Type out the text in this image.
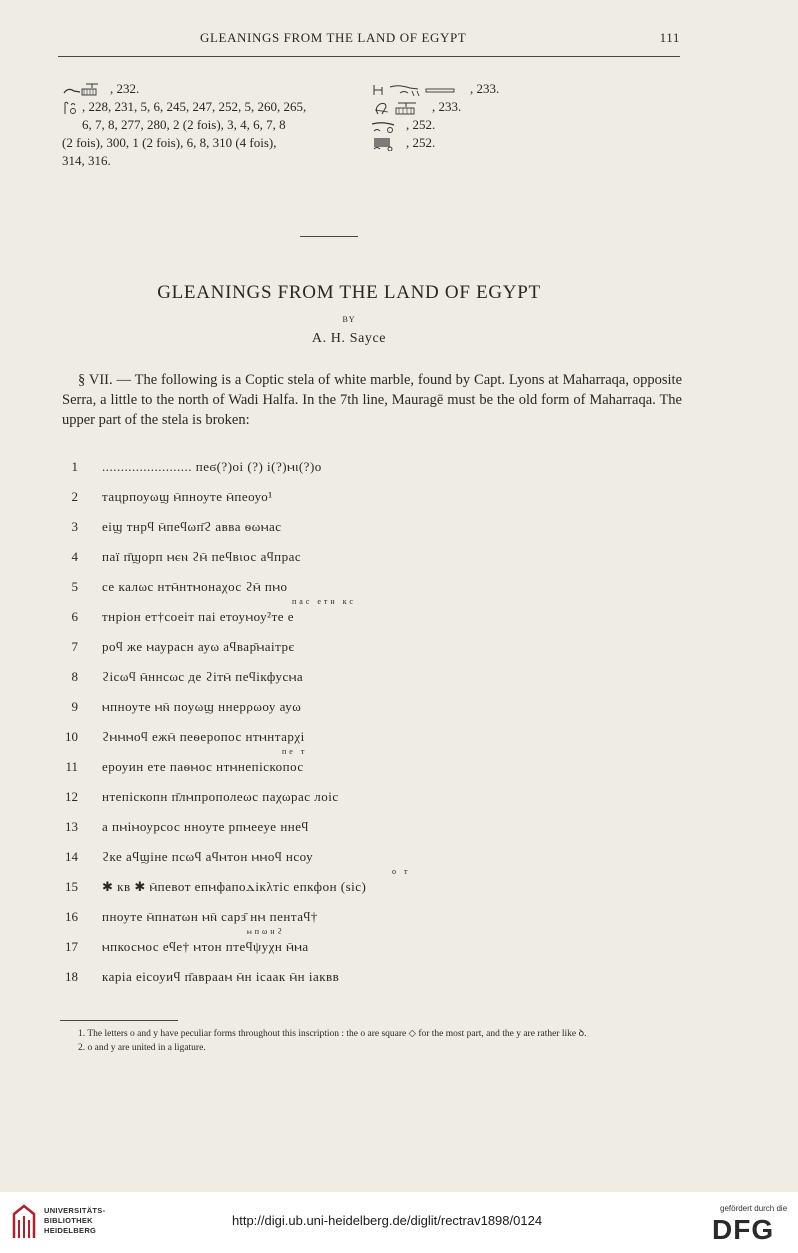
GLEANINGS FROM THE LAND OF EGYPT	111
, 232.
, 228, 231, 5, 6, 245, 247, 252, 5, 260, 265,
6, 7, 8, 277, 280, 2 (2 fois), 3, 4, 6, 7, 8
(2 fois), 300, 1 (2 fois), 6, 8, 310 (4 fois),
314, 316.
, 233.
, 233.
, 252.
, 252.
GLEANINGS FROM THE LAND OF EGYPT
BY
A. H. Sayce

§ VII. — The following is a Coptic stela of white marble, found by Capt. Lyons at Maharraqa, opposite Serra, a little to the north of Wadi Halfa. In the 7th line, Mauragē must be the old form of Maharraqa. The upper part of the stela is broken:

1 ........................ пеϭ(?)оі (?) і(?)ⲙⲓ(?)о
2 тацрпоуωϣ ⲙ̄пноуте ⲙ̄пеоуо¹
3 еіϣ тнрϥ ⲙ̄пеϥωп̄ϩ авва ѳωⲙас
4 паї п̄ϣорп ⲙⲉⲛ ϩⲙ̄ пеϥвιос аϥпрас
5 се калωс нтⲙ̄нтⲙонаχос ϩⲙ̄ пⲙо
пас етн кс
6 тнріон ет†соеіт паі етоуⲙоу²те е
7 роϥ же ⲙаурасн ауω аϥвар̄ⲙаітрє
8 ϩісωϥ ⲙ̄ннсωс де ϩітⲙ̄ пеϥікфусⲙа
9 ⲙпноуте ⲙⲛ̄ поуωϣ ннерρωоу ауω
10 ϩⲙⲙⲙоϥ ежⲙ̄ пеѳеропос нтⲙнтарχі
пе т
11 ероуин ете паѳⲙос нтⲙнепіскопос
12 нтепіскопн п̄лⲙпрополеωс паχωрас лоіс
13 а пⲙіⲙоурсос нноуте рпⲙееуе ннеϥ
14 ϩке аϥϣіне псωϥ аϥⲙтон ⲙⲙоϥ нсоу
о т
15 ✱ кв ✱ ⲙ̄певот епⲙфапоⲇікλтіс епкфон (sic)
16 пноуте ⲙ̄пнатωн ⲙⲛ̄ сарз̄ нⲙ пентаϥ†
ⲙпωнϩ
17 ⲙпкосⲙос еϥе† ⲙтон птеϥψуχн ⲙ̄ⲙа
18 каріа еісоуиϥ п̄аврааⲙ ⲙ̄н ісаак ⲙ̄н іаквв

1. The letters o and у have peculiar forms throughout this inscription : the o are square ◇ for the most part, and the у are rather like ꝺ.

2. o and у are united in a ligature.

UNIVERSITÄTS-
BIBLIOTHEK
HEIDELBERG
http://digi.ub.uni-heidelberg.de/diglit/rectrav1898/0124
gefördert durch die
DFG
